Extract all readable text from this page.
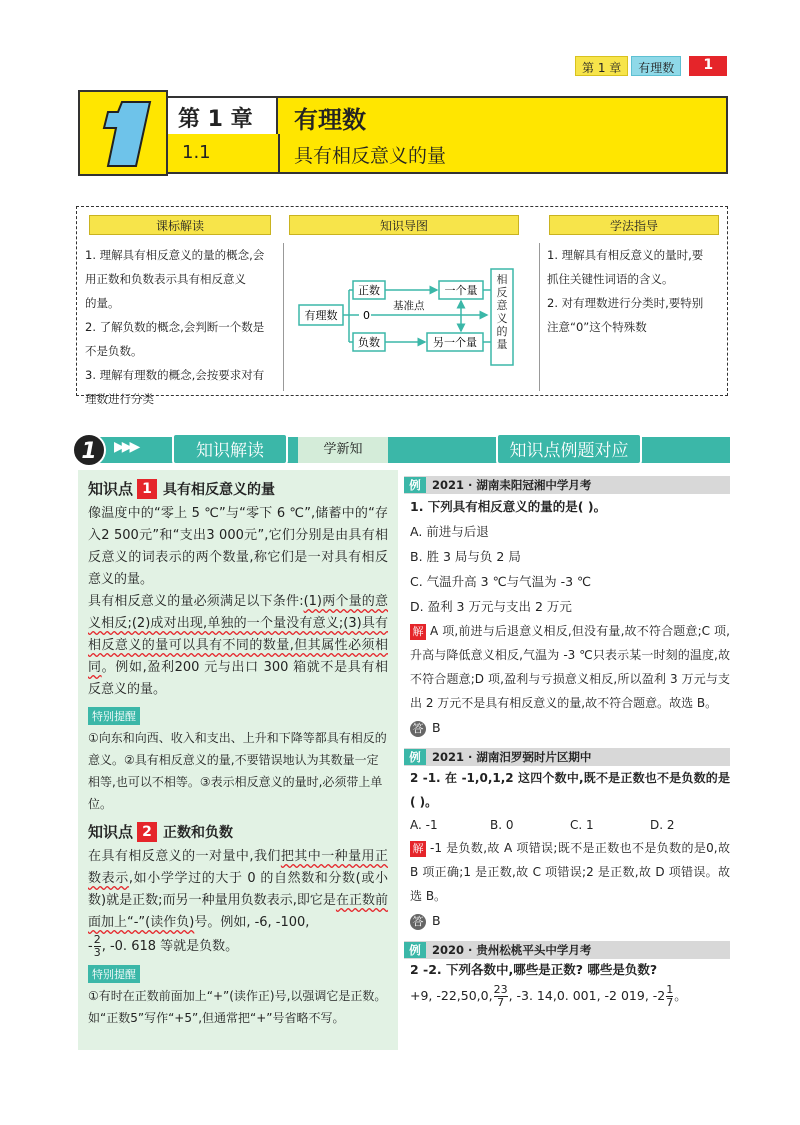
第 1 章	有理数	1
第 1 章	有理数
1.1	具有相反意义的量
课标解读	知识导图	学法指导
1. 理解具有相反意义的量的概念,会
用正数和负数表示具有相反意义
的量。
2. 了解负数的概念,会判断一个数是
不是负数。
3. 理解有理数的概念,会按要求对有
理数进行分类
有理数
正数
负数
0
基准点
一个量
另一个量
相反意义的量
1. 理解具有相反意义的量时,要
抓住关键性词语的含义。
2. 对有理数进行分类时,要特别
注意“0”这个特殊数
1	▶▶▶	知识解读	学新知	知识点例题对应
知识点 1 具有相反意义的量
像温度中的“零上 5 ℃”与“零下 6 ℃”,储蓄中的“存入2 500元”和“支出3 000元”,它们分别是由具有相反意义的词表示的两个数量,称它们是一对具有相反意义的量。
具有相反意义的量必须满足以下条件:(1)两个量的意义相反;(2)成对出现,单独的一个量没有意义;(3)具有相反意义的量可以具有不同的数量,但其属性必须相同。例如,盈利200 元与出口 300 箱就不是具有相反意义的量。
特别提醒
①向东和向西、收入和支出、上升和下降等都具有相反的意义。②具有相反意义的量,不要错误地认为其数量一定相等,也可以不相等。③表示相反意义的量时,必须带上单位。
知识点 2 正数和负数
在具有相反意义的一对量中,我们把其中一种量用正数表示,如小学学过的大于 0 的自然数和分数(或小数)就是正数;而另一种量用负数表示,即它是在正数前面加上“-”(读作负)号。例如, -6, -100,
- $\frac{2}{3}$ , -0. 618 等就是负数。
特别提醒
①有时在正数前面加上“+”(读作正)号,以强调它是正数。如“正数5”写作“+5”,但通常把“+”号省略不写。
例 2021 · 湖南耒阳冠湘中学月考
1. 下列具有相反意义的量的是( )。
A. 前进与后退
B. 胜 3 局与负 2 局
C. 气温升高 3 ℃与气温为 -3 ℃
D. 盈利 3 万元与支出 2 万元
解 A 项,前进与后退意义相反,但没有量,故不符合题意;C 项,升高与降低意义相反,气温为 -3 ℃只表示某一时刻的温度,故不符合题意;D 项,盈利与亏损意义相反,所以盈利 3 万元与支出 2 万元不是具有相反意义的量,故不符合题意。故选 B。
答 B
例 2021 · 湖南汨罗弼时片区期中
2 -1. 在 -1,0,1,2 这四个数中,既不是正数也不是负数的是( )。
A. -1	B. 0	C. 1	D. 2
解 -1 是负数,故 A 项错误;既不是正数也不是负数的是0,故 B 项正确;1 是正数,故 C 项错误;2 是正数,故 D 项错误。故选 B。
答 B
例 2020 · 贵州松桃平头中学月考
2 -2. 下列各数中,哪些是正数? 哪些是负数?
+9, -22,50,0, $\frac{23}{7}$ , -3. 14,0. 001, -2 019, $-2 \frac{1}{7}$ 。
